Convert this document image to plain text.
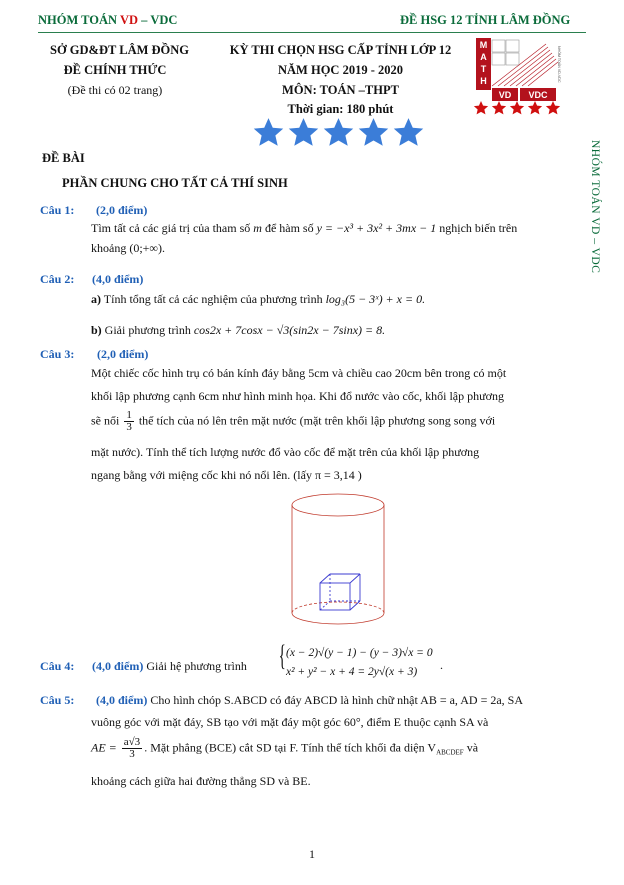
NHÓM TOÁN VD – VDC	ĐỀ HSG 12 TỈNH LÂM ĐỒNG
SỞ GD&ĐT LÂM ĐỒNG
ĐỀ CHÍNH THỨC
(Đề thi có 02 trang)
KỲ THI CHỌN HSG CẤP TỈNH LỚP 12
NĂM HỌC 2019 - 2020
MÔN: TOÁN –THPT
Thời gian: 180 phút
M
A
T
H
VD VDC
NHÓM TOÁN VD-VDC
NHÓM TOÁN VD – VDC
ĐỀ BÀI
PHẦN CHUNG CHO TẤT CẢ THÍ SINH
Câu 1: (2,0 điểm)
Tìm tất cả các giá trị của tham số m để hàm số y = −x³ + 3x² + 3mx − 1 nghịch biến trên
khoảng (0;+∞).
Câu 2: (4,0 điểm)
a) Tính tổng tất cả các nghiệm của phương trình log₃(5 − 3ˣ) + x = 0.
b) Giải phương trình cos2x + 7cosx − √3(sin2x − 7sinx) = 8.
Câu 3: (2,0 điểm)
Một chiếc cốc hình trụ có bán kính đáy bằng 5cm và chiều cao 20cm bên trong có một
khối lập phương cạnh 6cm như hình minh họa. Khi đổ nước vào cốc, khối lập phương
sẽ nổi $\frac{1}{3}$ thể tích của nó lên trên mặt nước (mặt trên khối lập phương song song với
mặt nước). Tính thể tích lượng nước đổ vào cốc để mặt trên của khối lập phương
ngang bằng với miệng cốc khi nó nổi lên. (lấy π = 3,14 )
Câu 4: (4,0 điểm) Giải hệ phương trình { (x − 2)√(y − 1) − (y − 3)√x = 0
x² + y² − x + 4 = 2y√(x + 3) .
Câu 5: (4,0 điểm) Cho hình chóp S.ABCD có đáy ABCD là hình chữ nhật AB = a, AD = 2a, SA
vuông góc với mặt đáy, SB tạo với mặt đáy một góc 60°, điểm E thuộc cạnh SA và
AE = $\frac{a√3}{3}$ . Mặt phẳng (BCE) cắt SD tại F. Tính thể tích khối đa diện $V_{ABCDEF}$ và
khoảng cách giữa hai đường thẳng SD và BE.
1
